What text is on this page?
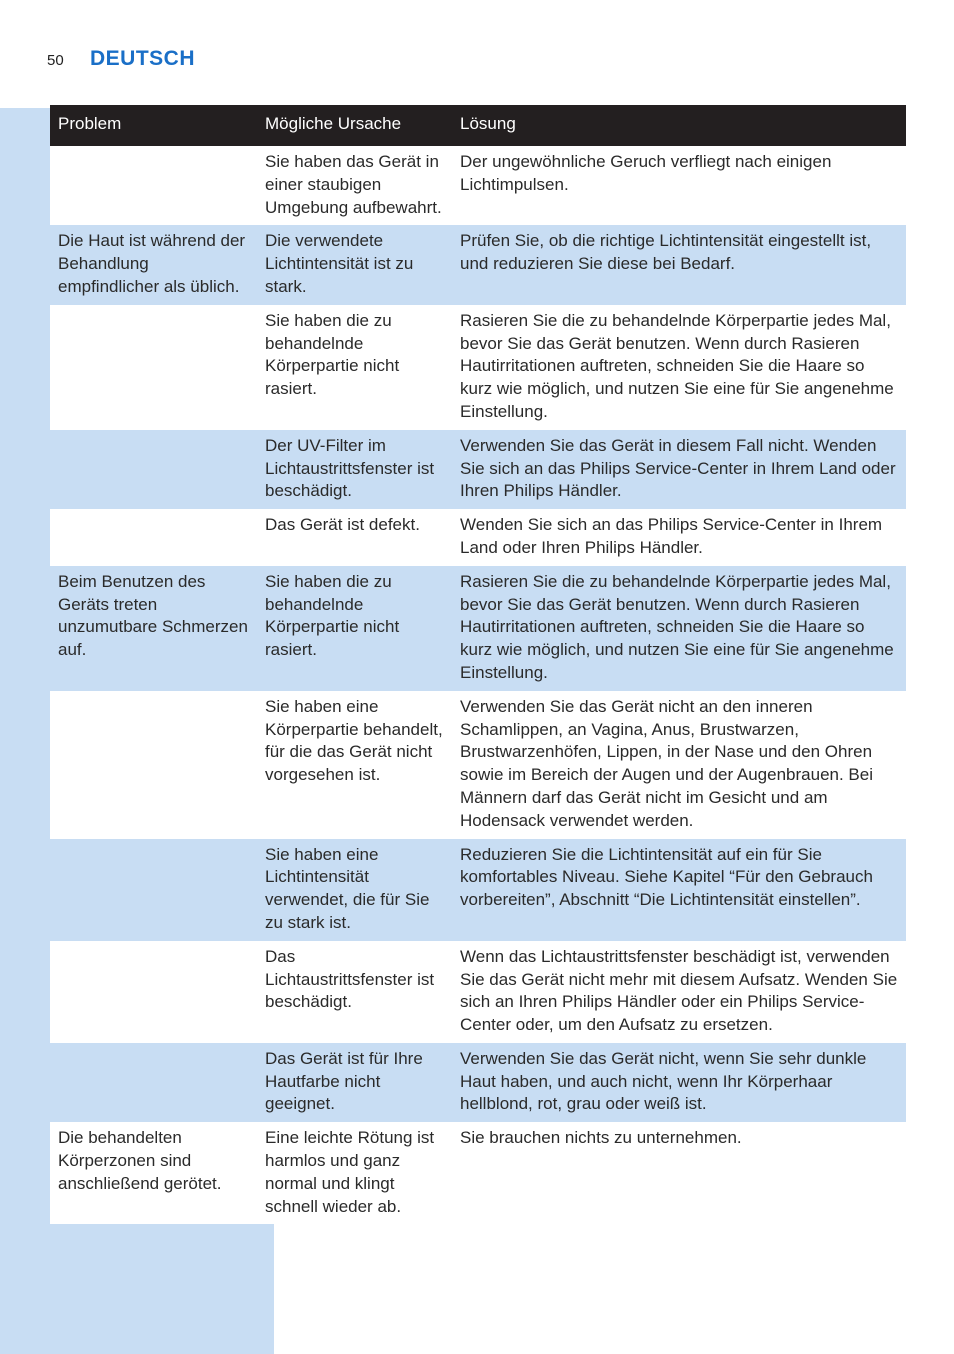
50 DEUTSCH
Problem	Mögliche Ursache	Lösung
	Sie haben das Gerät in einer staubigen Umgebung aufbewahrt.	Der ungewöhnliche Geruch verfliegt nach einigen Lichtimpulsen.
Die Haut ist während der Behandlung empfindlicher als üblich.	Die verwendete Lichtintensität ist zu stark.	Prüfen Sie, ob die richtige Lichtintensität eingestellt ist, und reduzieren Sie diese bei Bedarf.
	Sie haben die zu behandelnde Körperpartie nicht rasiert.	Rasieren Sie die zu behandelnde Körperpartie jedes Mal, bevor Sie das Gerät benutzen. Wenn durch Rasieren Hautirritationen auftreten, schneiden Sie die Haare so kurz wie möglich, und nutzen Sie eine für Sie angenehme Einstellung.
	Der UV-Filter im Lichtaustrittsfenster ist beschädigt.	Verwenden Sie das Gerät in diesem Fall nicht. Wenden Sie sich an das Philips Service-Center in Ihrem Land oder Ihren Philips Händler.
	Das Gerät ist defekt.	Wenden Sie sich an das Philips Service-Center in Ihrem Land oder Ihren Philips Händler.
Beim Benutzen des Geräts treten unzumutbare Schmerzen auf.	Sie haben die zu behandelnde Körperpartie nicht rasiert.	Rasieren Sie die zu behandelnde Körperpartie jedes Mal, bevor Sie das Gerät benutzen. Wenn durch Rasieren Hautirritationen auftreten, schneiden Sie die Haare so kurz wie möglich, und nutzen Sie eine für Sie angenehme Einstellung.
	Sie haben eine Körperpartie behandelt, für die das Gerät nicht vorgesehen ist.	Verwenden Sie das Gerät nicht an den inneren Schamlippen, an Vagina, Anus, Brustwarzen, Brustwarzenhöfen, Lippen, in der Nase und den Ohren sowie im Bereich der Augen und der Augenbrauen. Bei Männern darf das Gerät nicht im Gesicht und am Hodensack verwendet werden.
	Sie haben eine Lichtintensität verwendet, die für Sie zu stark ist.	Reduzieren Sie die Lichtintensität auf ein für Sie komfortables Niveau. Siehe Kapitel “Für den Gebrauch vorbereiten”, Abschnitt “Die Lichtintensität einstellen”.
	Das Lichtaustrittsfenster ist beschädigt.	Wenn das Lichtaustrittsfenster beschädigt ist, verwenden Sie das Gerät nicht mehr mit diesem Aufsatz. Wenden Sie sich an Ihren Philips Händler oder ein Philips Service-Center oder, um den Aufsatz zu ersetzen.
	Das Gerät ist für Ihre Hautfarbe nicht geeignet.	Verwenden Sie das Gerät nicht, wenn Sie sehr dunkle Haut haben, und auch nicht, wenn Ihr Körperhaar hellblond, rot, grau oder weiß ist.
Die behandelten Körperzonen sind anschließend gerötet.	Eine leichte Rötung ist harmlos und ganz normal und klingt schnell wieder ab.	Sie brauchen nichts zu unternehmen.
